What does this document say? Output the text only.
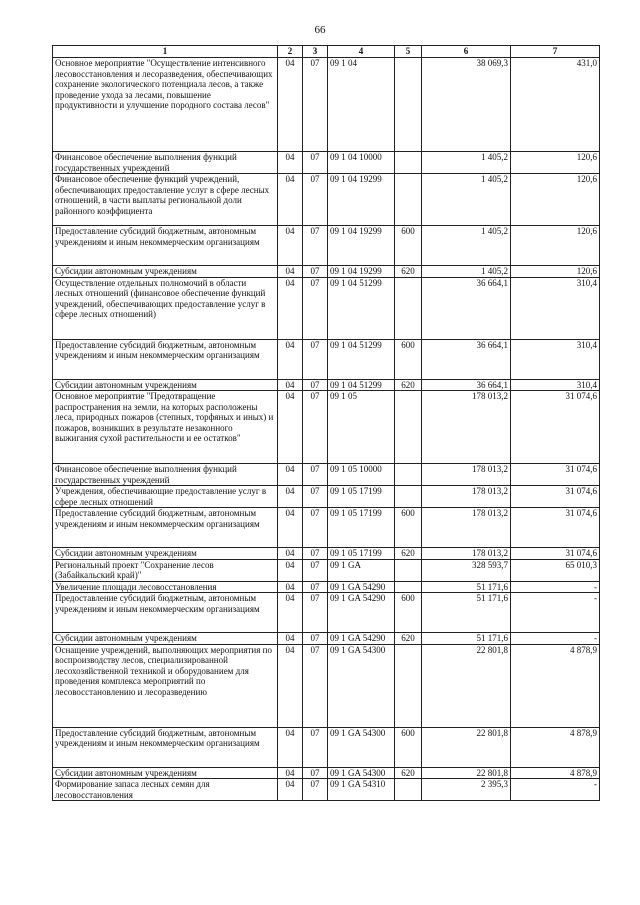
66
1	2	3	4	5	6	7
Основное мероприятие "Осуществление интенсивного лесовосстановления и лесоразведения, обеспечивающих сохранение экологического потенциала лесов, а также проведение ухода за лесами, повышение продуктивности и улучшение породного состава лесов"	04	07	09 1 04		38 069,3	431,0
Финансовое обеспечение выполнения функций государственных учреждений	04	07	09 1 04 10000		1 405,2	120,6
Финансовое обеспечение функций учреждений, обеспечивающих предоставление услуг в сфере лесных отношений, в части выплаты региональной доли районного коэффициента	04	07	09 1 04 19299		1 405,2	120,6
Предоставление субсидий бюджетным, автономным учреждениям и иным некоммерческим организациям	04	07	09 1 04 19299	600	1 405,2	120,6
Субсидии автономным учреждениям	04	07	09 1 04 19299	620	1 405,2	120,6
Осуществление отдельных полномочий в области лесных отношений (финансовое обеспечение функций учреждений, обеспечивающих предоставление услуг в сфере лесных отношений)	04	07	09 1 04 51299		36 664,1	310,4
Предоставление субсидий бюджетным, автономным учреждениям и иным некоммерческим организациям	04	07	09 1 04 51299	600	36 664,1	310,4
Субсидии автономным учреждениям	04	07	09 1 04 51299	620	36 664,1	310,4
Основное мероприятие "Предотвращение распространения на земли, на которых расположены леса, природных пожаров (степных, торфяных и иных) и пожаров, возникших в результате незаконного выжигания сухой растительности и ее остатков"	04	07	09 1 05		178 013,2	31 074,6
Финансовое обеспечение выполнения функций государственных учреждений	04	07	09 1 05 10000		178 013,2	31 074,6
Учреждения, обеспечивающие предоставление услуг в сфере лесных отношений	04	07	09 1 05 17199		178 013,2	31 074,6
Предоставление субсидий бюджетным, автономным учреждениям и иным некоммерческим организациям	04	07	09 1 05 17199	600	178 013,2	31 074,6
Субсидии автономным учреждениям	04	07	09 1 05 17199	620	178 013,2	31 074,6
Региональный проект "Сохранение лесов (Забайкальский край)"	04	07	09 1 GA		328 593,7	65 010,3
Увеличение площади лесовосстановления	04	07	09 1 GA 54290		51 171,6	-
Предоставление субсидий бюджетным, автономным учреждениям и иным некоммерческим организациям	04	07	09 1 GA 54290	600	51 171,6	-
Субсидии автономным учреждениям	04	07	09 1 GA 54290	620	51 171,6	-
Оснащение учреждений, выполняющих мероприятия по воспроизводству лесов, специализированной лесохозяйственной техникой и оборудованием для проведения комплекса мероприятий по лесовосстановлению и лесоразведению	04	07	09 1 GA 54300		22 801,8	4 878,9
Предоставление субсидий бюджетным, автономным учреждениям и иным некоммерческим организациям	04	07	09 1 GA 54300	600	22 801,8	4 878,9
Субсидии автономным учреждениям	04	07	09 1 GA 54300	620	22 801,8	4 878,9
Формирование запаса лесных семян для лесовосстановления	04	07	09 1 GA 54310		2 395,3	-
